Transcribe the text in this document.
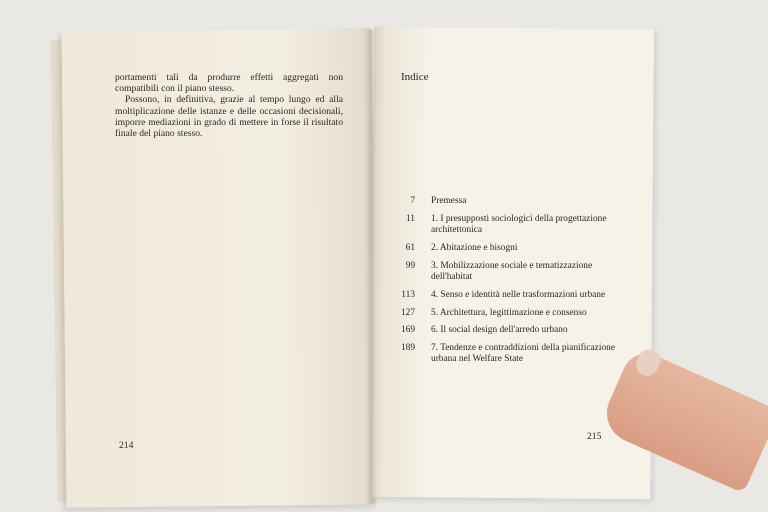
portamenti tali da produrre effetti aggregati non compatibili con il piano stesso.

Possono, in definitiva, grazie al tempo lungo ed alla moltiplicazione delle istanze e delle occasioni decisionali, imporre mediazioni in grado di mettere in forse il risultato finale del piano stesso.

214
Indice
7	Premessa
11	1. I presupposti sociologici della progettazione architettonica
61	2. Abitazione e bisogni
99	3. Mobilizzazione sociale e tematizzazione dell'habitat
113	4. Senso e identità nelle trasformazioni urbane
127	5. Architettura, legittimazione e consenso
169	6. Il social design dell'arredo urbano
189	7. Tendenze e contraddizioni della pianificazione urbana nel Welfare State
215
